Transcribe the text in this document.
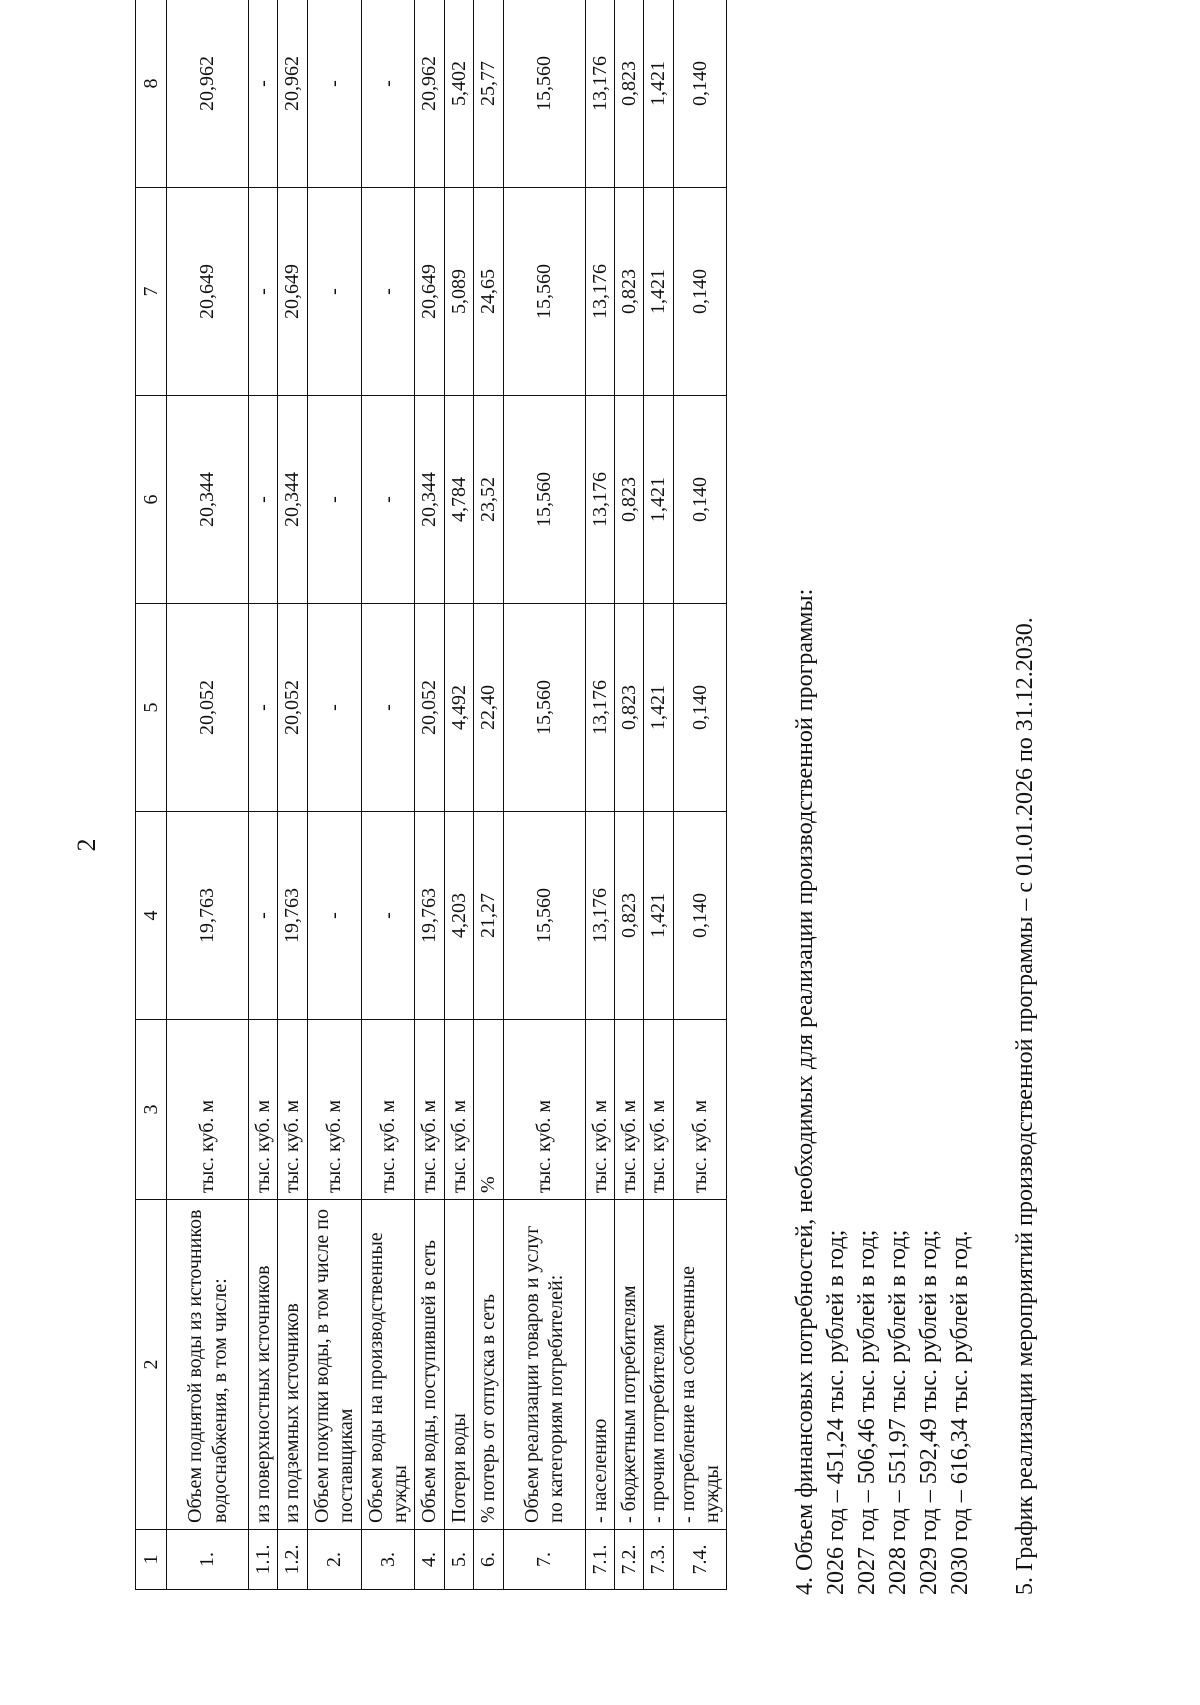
2
1	2	3	4	5	6	7	8
1.	Объем поднятой воды из источников водоснабжения, в том числе:	тыс. куб. м	19,763	20,052	20,344	20,649	20,962
1.1.	из поверхностных источников	тыс. куб. м	-	-	-	-	-
1.2.	из подземных источников	тыс. куб. м	19,763	20,052	20,344	20,649	20,962
2.	Объем покупки воды, в том числе по поставщикам	тыс. куб. м	-	-	-	-	-
3.	Объем воды на производственные нужды	тыс. куб. м	-	-	-	-	-
4.	Объем воды, поступившей в сеть	тыс. куб. м	19,763	20,052	20,344	20,649	20,962
5.	Потери воды	тыс. куб. м	4,203	4,492	4,784	5,089	5,402
6.	% потерь от отпуска в сеть	%	21,27	22,40	23,52	24,65	25,77
7.	Объем реализации товаров и услуг по категориям потребителей:	тыс. куб. м	15,560	15,560	15,560	15,560	15,560
7.1.	- населению	тыс. куб. м	13,176	13,176	13,176	13,176	13,176
7.2.	- бюджетным потребителям	тыс. куб. м	0,823	0,823	0,823	0,823	0,823
7.3.	- прочим потребителям	тыс. куб. м	1,421	1,421	1,421	1,421	1,421
7.4.	- потребление на собственные нужды	тыс. куб. м	0,140	0,140	0,140	0,140	0,140

4. Объем финансовых потребностей, необходимых для реализации производственной программы: 2026 год – 451,24 тыс. рублей в год; 2027 год – 506,46 тыс. рублей в год; 2028 год – 551,97 тыс. рублей в год; 2029 год – 592,49 тыс. рублей в год; 2030 год – 616,34 тыс. рублей в год. 5. График реализации мероприятий производственной программы – с 01.01.2026 по 31.12.2030.
